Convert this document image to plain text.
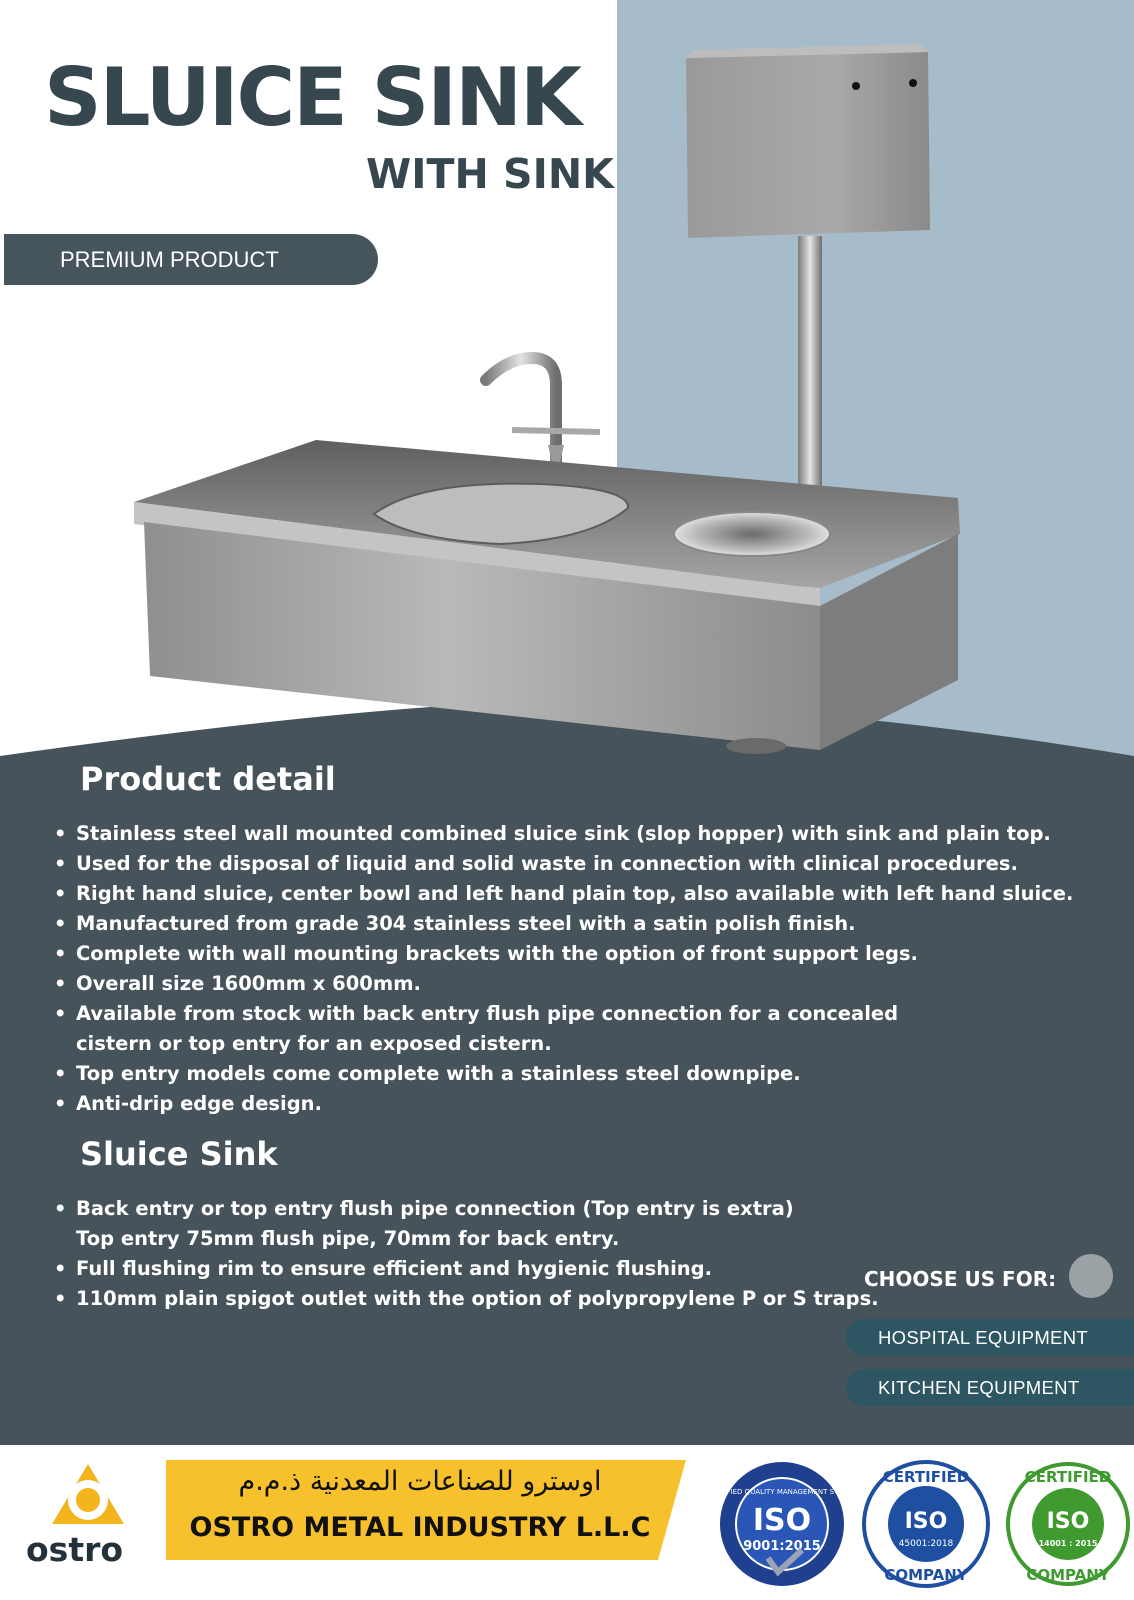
SLUICE SINK
WITH SINK
PREMIUM PRODUCT
Product detail
• Stainless steel wall mounted combined sluice sink (slop hopper) with sink and plain top.
• Used for the disposal of liquid and solid waste in connection with clinical procedures.
• Right hand sluice, center bowl and left hand plain top, also available with left hand sluice.
• Manufactured from grade 304 stainless steel with a satin polish finish.
• Complete with wall mounting brackets with the option of front support legs.
• Overall size 1600mm x 600mm.
• Available from stock with back entry flush pipe connection for a concealed
cistern or top entry for an exposed cistern.
• Top entry models come complete with a stainless steel downpipe.
• Anti-drip edge design.
Sluice Sink
• Back entry or top entry flush pipe connection (Top entry is extra)
Top entry 75mm flush pipe, 70mm for back entry.
• Full flushing rim to ensure efficient and hygienic flushing.
• 110mm plain spigot outlet with the option of polypropylene P or S traps.
CHOOSE US FOR:
HOSPITAL EQUIPMENT
KITCHEN EQUIPMENT
ostro
اوسترو للصناعات المعدنية ذ.م.م
OSTRO METAL INDUSTRY L.L.C
CERTIFIED QUALITY MANAGEMENT SYSTEM
ISO
9001:2015
CERTIFIED
ISO
45001:2018
COMPANY
CERTIFIED
ISO
14001 : 2015
COMPANY
